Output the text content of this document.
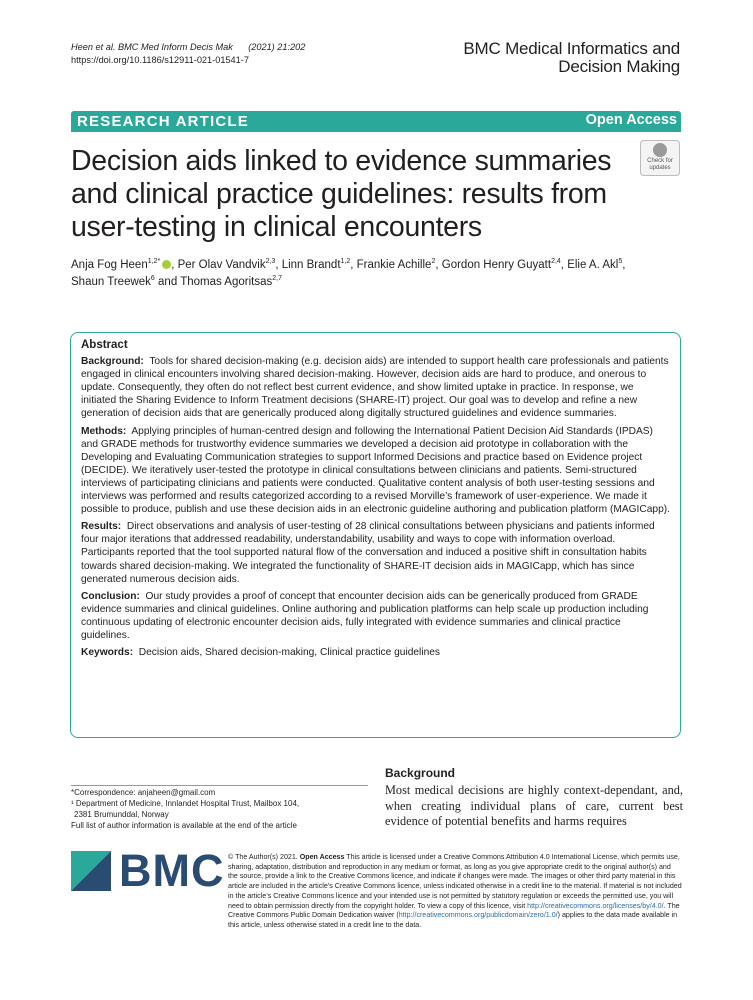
Heen et al. BMC Med Inform Decis Mak (2021) 21:202
https://doi.org/10.1186/s12911-021-01541-7
BMC Medical Informatics and
Decision Making
RESEARCH ARTICLE	Open Access
Decision aids linked to evidence summaries and clinical practice guidelines: results from user-testing in clinical encounters
Check for
updates
Anja Fog Heen$^{1,2*}$ , Per Olav Vandvik$^{2,3}$, Linn Brandt$^{1,2}$, Frankie Achille$^2$, Gordon Henry Guyatt$^{2,4}$, Elie A. Akl$^5$,
Shaun Treewek$^6$ and Thomas Agoritsas$^{2,7}$
Abstract

Background: Tools for shared decision-making (e.g. decision aids) are intended to support health care professionals and patients engaged in clinical encounters involving shared decision-making. However, decision aids are hard to produce, and onerous to update. Consequently, they often do not reflect best current evidence, and show limited uptake in practice. In response, we initiated the Sharing Evidence to Inform Treatment decisions (SHARE-IT) project. Our goal was to develop and refine a new generation of decision aids that are generically produced along digitally structured guidelines and evidence summaries.

Methods: Applying principles of human-centred design and following the International Patient Decision Aid Standards (IPDAS) and GRADE methods for trustworthy evidence summaries we developed a decision aid prototype in collaboration with the Developing and Evaluating Communication strategies to support Informed Decisions and practice based on Evidence project (DECIDE). We iteratively user-tested the prototype in clinical consultations between clinicians and patients. Semi-structured interviews of participating clinicians and patients were conducted. Qualitative content analysis of both user-testing sessions and interviews was performed and results categorized according to a revised Morville’s framework of user-experience. We made it possible to produce, publish and use these decision aids in an electronic guideline authoring and publication platform (MAGICapp).

Results: Direct observations and analysis of user-testing of 28 clinical consultations between physicians and patients informed four major iterations that addressed readability, understandability, usability and ways to cope with information overload. Participants reported that the tool supported natural flow of the conversation and induced a positive shift in consultation habits towards shared decision-making. We integrated the functionality of SHARE-IT decision aids in MAGICapp, which has since generated numerous decision aids.

Conclusion: Our study provides a proof of concept that encounter decision aids can be generically produced from GRADE evidence summaries and clinical guidelines. Online authoring and publication platforms can help scale up production including continuous updating of electronic encounter decision aids, fully integrated with evidence summaries and clinical practice guidelines.

Keywords: Decision aids, Shared decision-making, Clinical practice guidelines

*Correspondence: anjaheen@gmail.com
¹ Department of Medicine, Innlandet Hospital Trust, Mailbox 104,
2381 Brumunddal, Norway
Full list of author information is available at the end of the article
Background
Most medical decisions are highly context-dependant, and, when creating individual plans of care, current best evidence of potential benefits and harms requires
BMC © The Author(s) 2021. Open Access This article is licensed under a Creative Commons Attribution 4.0 International License, which permits use, sharing, adaptation, distribution and reproduction in any medium or format, as long as you give appropriate credit to the original author(s) and the source, provide a link to the Creative Commons licence, and indicate if changes were made. The images or other third party material in this article are included in the article’s Creative Commons licence, unless indicated otherwise in a credit line to the material. If material is not included in the article’s Creative Commons licence and your intended use is not permitted by statutory regulation or exceeds the permitted use, you will need to obtain permission directly from the copyright holder. To view a copy of this licence, visit http://creativecommons.org/licenses/by/4.0/. The Creative Commons Public Domain Dedication waiver (http://creativecommons.org/publicdomain/zero/1.0/) applies to the data made available in this article, unless otherwise stated in a credit line to the data.
